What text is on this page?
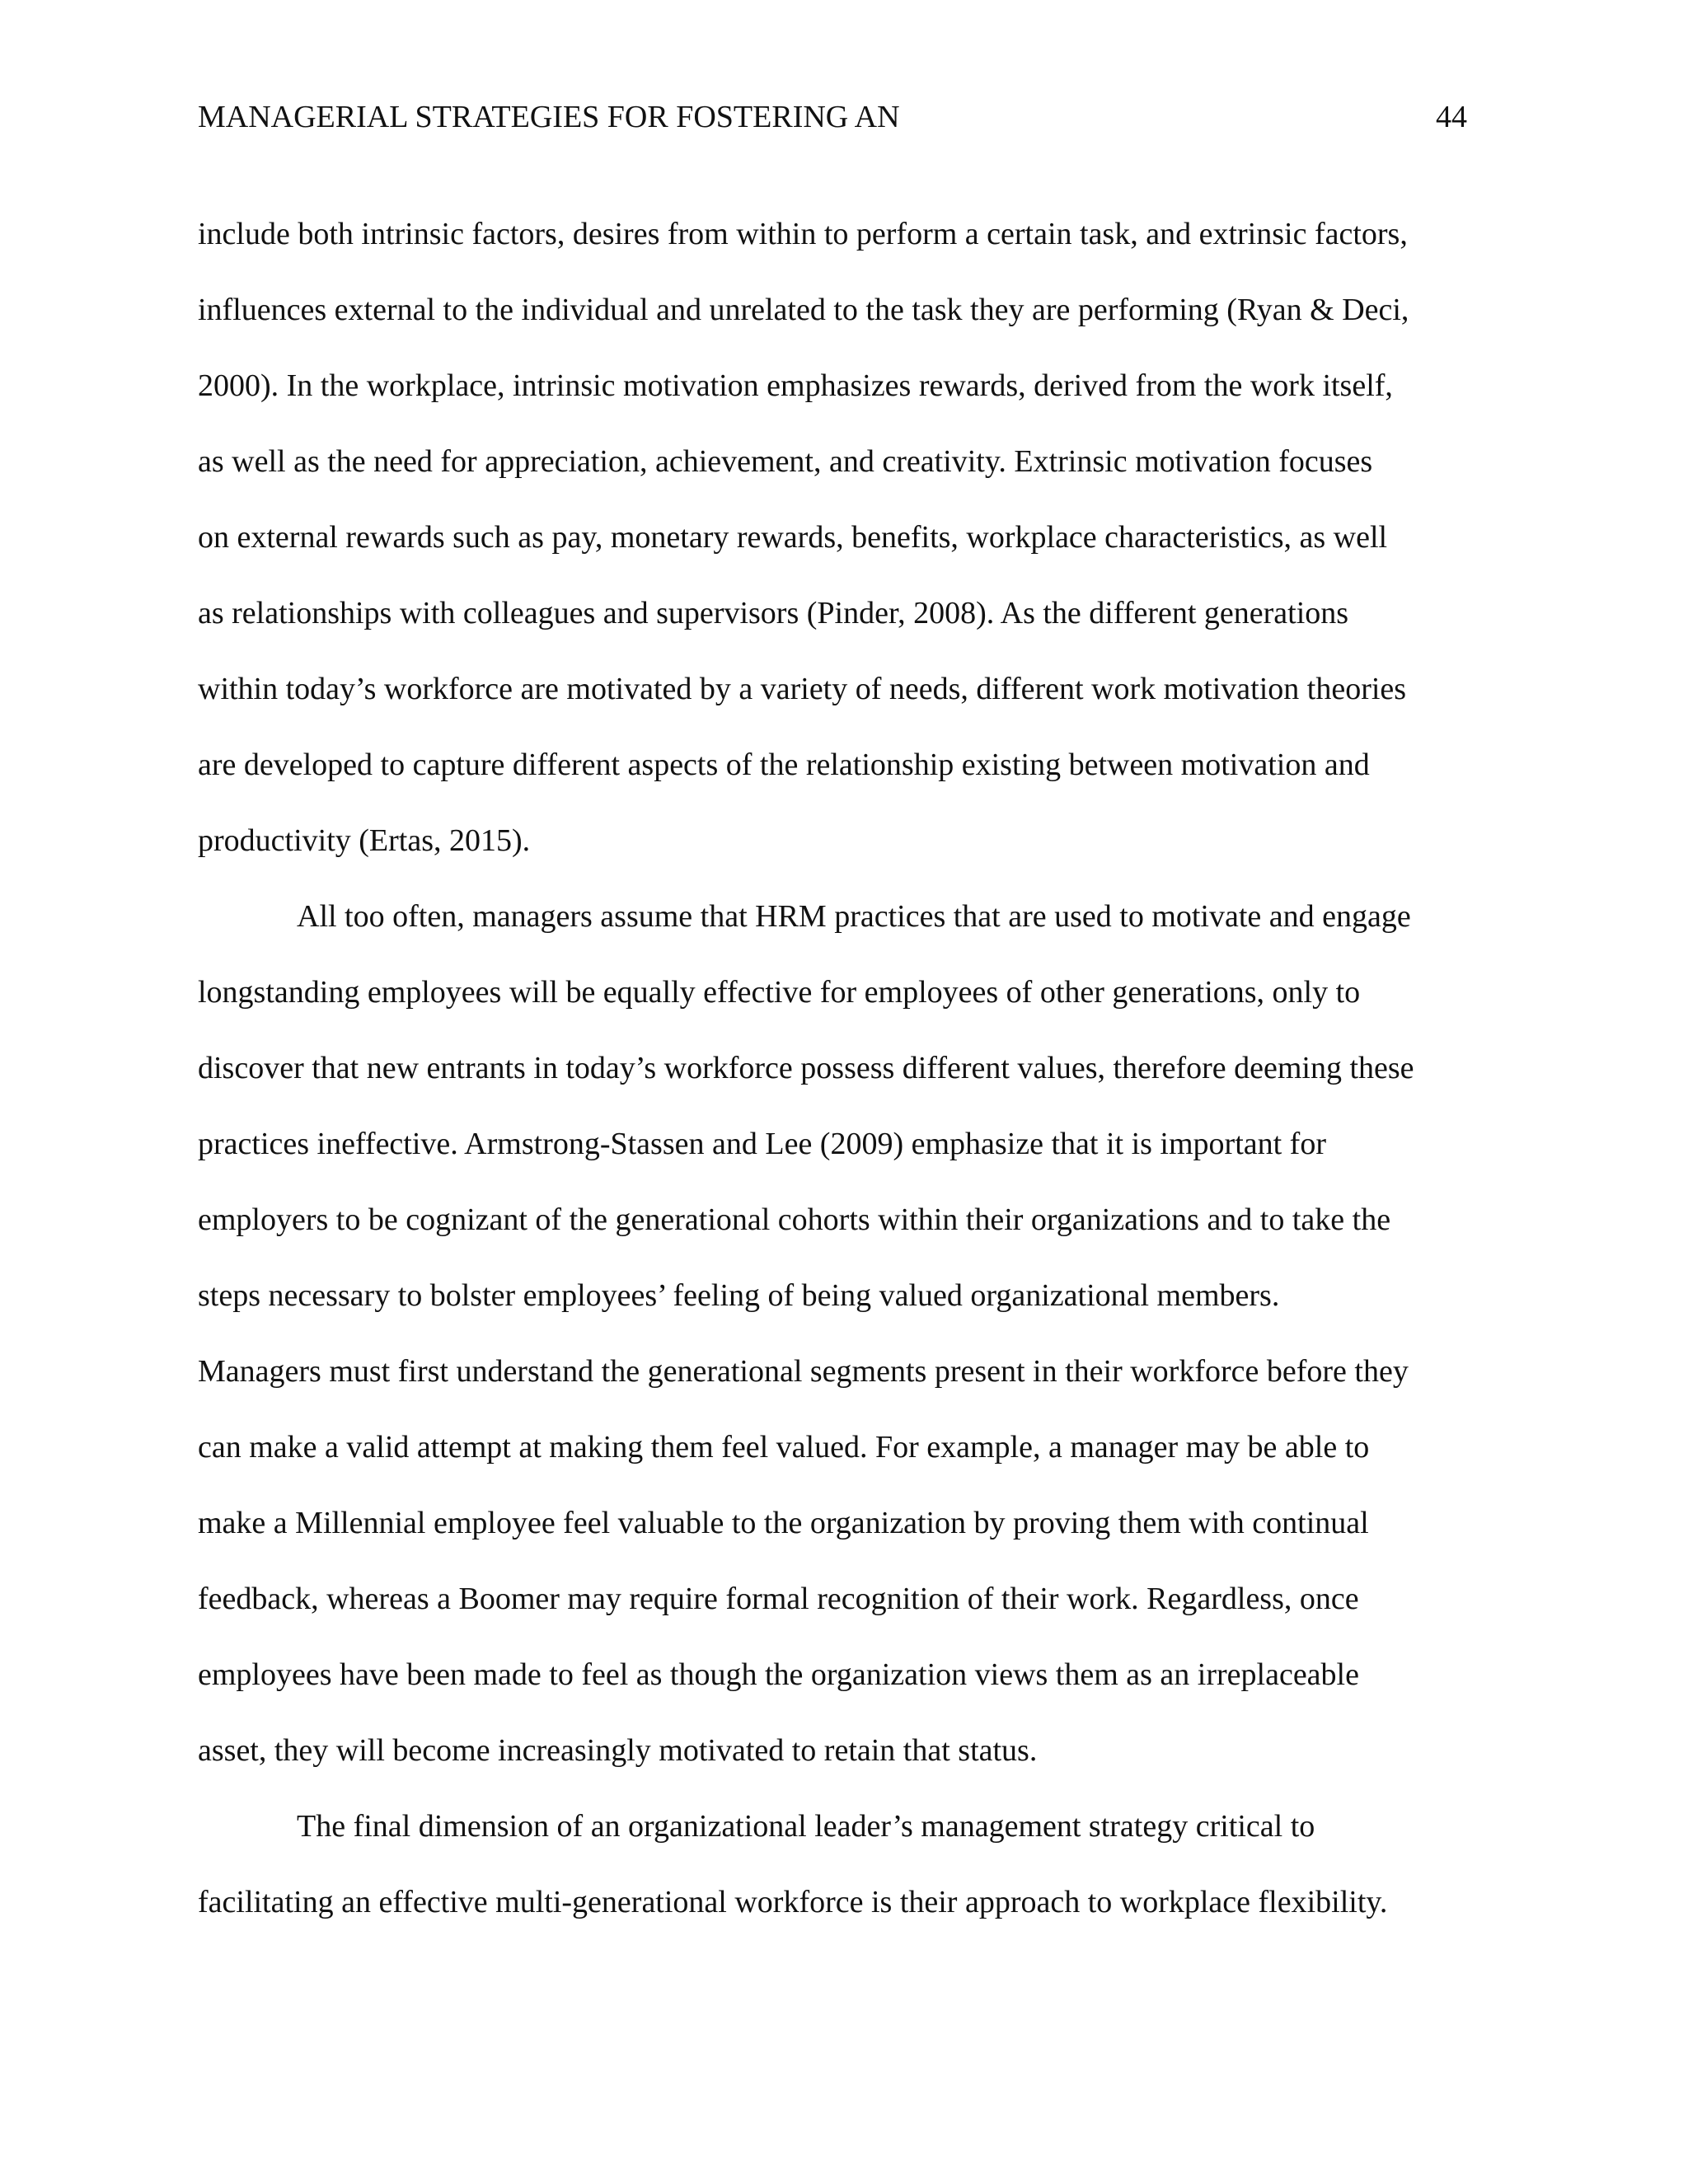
MANAGERIAL STRATEGIES FOR FOSTERING AN	44
include both intrinsic factors, desires from within to perform a certain task, and extrinsic factors,
influences external to the individual and unrelated to the task they are performing (Ryan & Deci,
2000). In the workplace, intrinsic motivation emphasizes rewards, derived from the work itself,
as well as the need for appreciation, achievement, and creativity. Extrinsic motivation focuses
on external rewards such as pay, monetary rewards, benefits, workplace characteristics, as well
as relationships with colleagues and supervisors (Pinder, 2008). As the different generations
within today’s workforce are motivated by a variety of needs, different work motivation theories
are developed to capture different aspects of the relationship existing between motivation and
productivity (Ertas, 2015).
All too often, managers assume that HRM practices that are used to motivate and engage
longstanding employees will be equally effective for employees of other generations, only to
discover that new entrants in today’s workforce possess different values, therefore deeming these
practices ineffective. Armstrong-Stassen and Lee (2009) emphasize that it is important for
employers to be cognizant of the generational cohorts within their organizations and to take the
steps necessary to bolster employees’ feeling of being valued organizational members.
Managers must first understand the generational segments present in their workforce before they
can make a valid attempt at making them feel valued. For example, a manager may be able to
make a Millennial employee feel valuable to the organization by proving them with continual
feedback, whereas a Boomer may require formal recognition of their work. Regardless, once
employees have been made to feel as though the organization views them as an irreplaceable
asset, they will become increasingly motivated to retain that status.
The final dimension of an organizational leader’s management strategy critical to
facilitating an effective multi-generational workforce is their approach to workplace flexibility.
